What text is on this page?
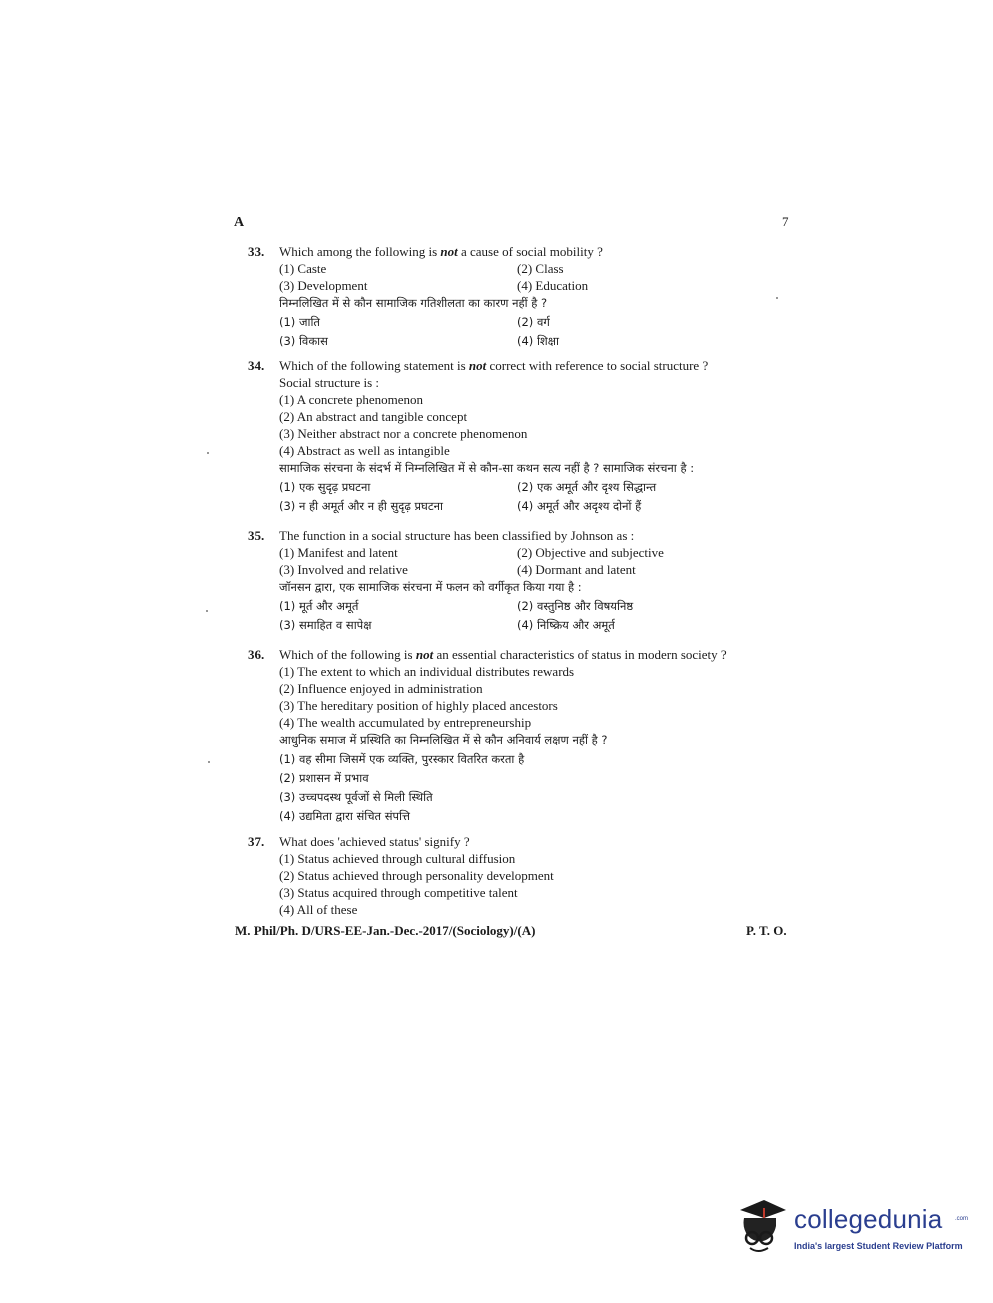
A	7
33. Which among the following is not a cause of social mobility ?
(1) Caste	(2) Class
(3) Development	(4) Education
निम्नलिखित में से कौन सामाजिक गतिशीलता का कारण नहीं है ?
(1) जाति	(2) वर्ग
(3) विकास	(4) शिक्षा
34. Which of the following statement is not correct with reference to social structure ?
Social structure is :
(1) A concrete phenomenon
(2) An abstract and tangible concept
(3) Neither abstract nor a concrete phenomenon
(4) Abstract as well as intangible
सामाजिक संरचना के संदर्भ में निम्नलिखित में से कौन-सा कथन सत्य नहीं है ? सामाजिक संरचना है :
(1) एक सुदृढ़ प्रघटना	(2) एक अमूर्त और दृश्य सिद्धान्त
(3) न ही अमूर्त और न ही सुदृढ़ प्रघटना	(4) अमूर्त और अदृश्य दोनों हैं
35. The function in a social structure has been classified by Johnson as :
(1) Manifest and latent	(2) Objective and subjective
(3) Involved and relative	(4) Dormant and latent
जॉनसन द्वारा, एक सामाजिक संरचना में फलन को वर्गीकृत किया गया है :
(1) मूर्त और अमूर्त	(2) वस्तुनिष्ठ और विषयनिष्ठ
(3) समाहित व सापेक्ष	(4) निष्क्रिय और अमूर्त
36. Which of the following is not an essential characteristics of status in modern society ?
(1) The extent to which an individual distributes rewards
(2) Influence enjoyed in administration
(3) The hereditary position of highly placed ancestors
(4) The wealth accumulated by entrepreneurship
आधुनिक समाज में प्रस्थिति का निम्नलिखित में से कौन अनिवार्य लक्षण नहीं है ?
(1) वह सीमा जिसमें एक व्यक्ति, पुरस्कार वितरित करता है
(2) प्रशासन में प्रभाव
(3) उच्चपदस्थ पूर्वजों से मिली स्थिति
(4) उद्यमिता द्वारा संचित संपत्ति
37. What does 'achieved status' signify ?
(1) Status achieved through cultural diffusion
(2) Status achieved through personality development
(3) Status acquired through competitive talent
(4) All of these
M. Phil/Ph. D/URS-EE-Jan.-Dec.-2017/(Sociology)/(A)	P. T. O.
collegedunia .com
India's largest Student Review Platform
